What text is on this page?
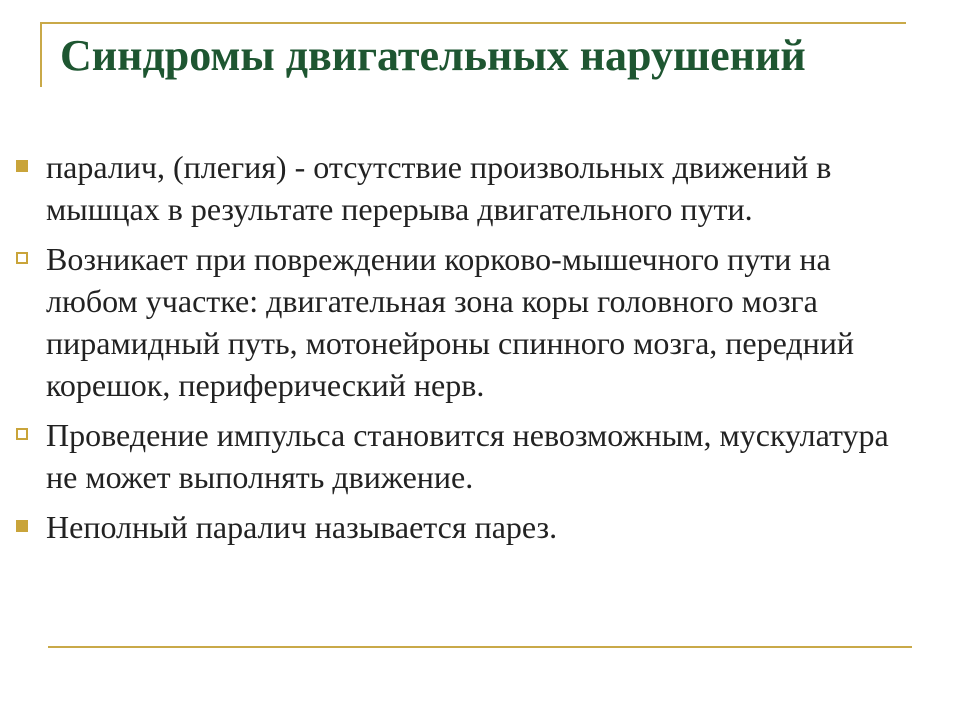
Синдромы двигательных нарушений
паралич, (плегия) - отсутствие произвольных движений в мышцах в результате перерыва двигательного пути.
Возникает при повреждении корково-мышечного пути на любом участке: двигательная зона коры головного мозга пирамидный путь, мотонейроны спинного мозга, передний корешок, периферический нерв.
Проведение импульса становится невозможным, мускулатура не может выполнять движение.
Неполный паралич называется парез.
